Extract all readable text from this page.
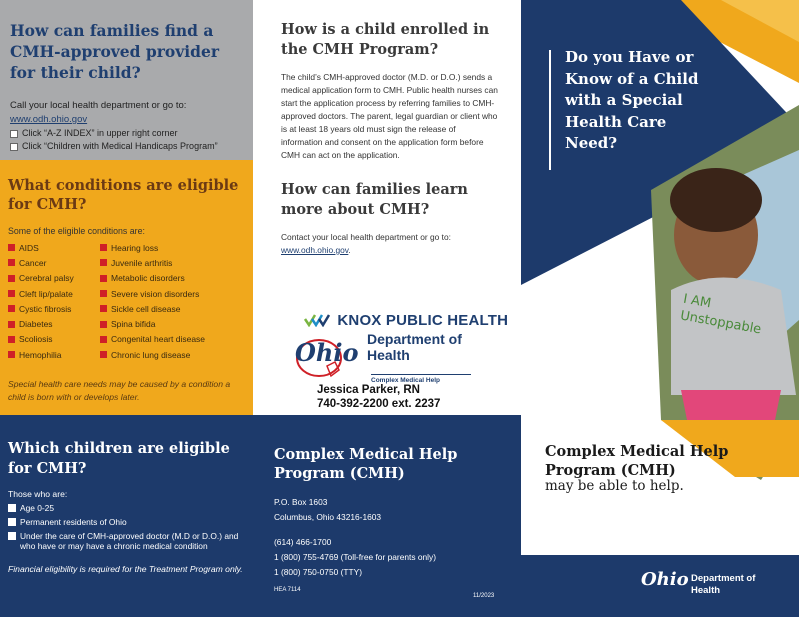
How can families find a CMH-approved provider for their child?
Call your local health department or go to:
www.odh.ohio.gov
Click “A-Z INDEX” in upper right corner
Click “Children with Medical Handicaps Program”
What conditions are eligible for CMH?
Some of the eligible conditions are:
AIDS
Cancer
Cerebral palsy
Cleft lip/palate
Cystic fibrosis
Diabetes
Scoliosis
Hemophilia
Hearing loss
Juvenile arthritis
Metabolic disorders
Severe vision disorders
Sickle cell disease
Spina bifida
Congenital heart disease
Chronic lung disease
Special health care needs may be caused by a condition a child is born with or develops later.
Which children are eligible for CMH?
Those who are:
Age 0-25
Permanent residents of Ohio
Under the care of CMH-approved doctor (M.D or D.O.) and who have or may have a chronic medical condition
Financial eligibility is required for the Treatment Program only.
How is a child enrolled in the CMH Program?
The child’s CMH-approved doctor (M.D. or D.O.) sends a medical application form to CMH. Public health nurses can start the application process by referring families to CMH-approved doctors. The parent, legal guardian or client who is at least 18 years old must sign the release of information and consent on the application form before CMH can act on the application.
How can families learn more about CMH?
Contact your local health department or go to:
www.odh.ohio.gov.
KNOX PUBLIC HEALTH
Ohio Department of
Health
Complex Medical Help
Jessica Parker, RN
740-392-2200 ext. 2237
Complex Medical Help Program (CMH)
P.O. Box 1603
Columbus, Ohio 43216-1603
(614) 466-1700
1 (800) 755-4769 (Toll-free for parents only)
1 (800) 750-0750 (TTY)
HEA 7114
11/2023
Do you Have or Know of a Child with a Special Health Care Need?
I AM Unstoppable
Complex Medical Help Program (CMH)
may be able to help.
Ohio Department of
Health
